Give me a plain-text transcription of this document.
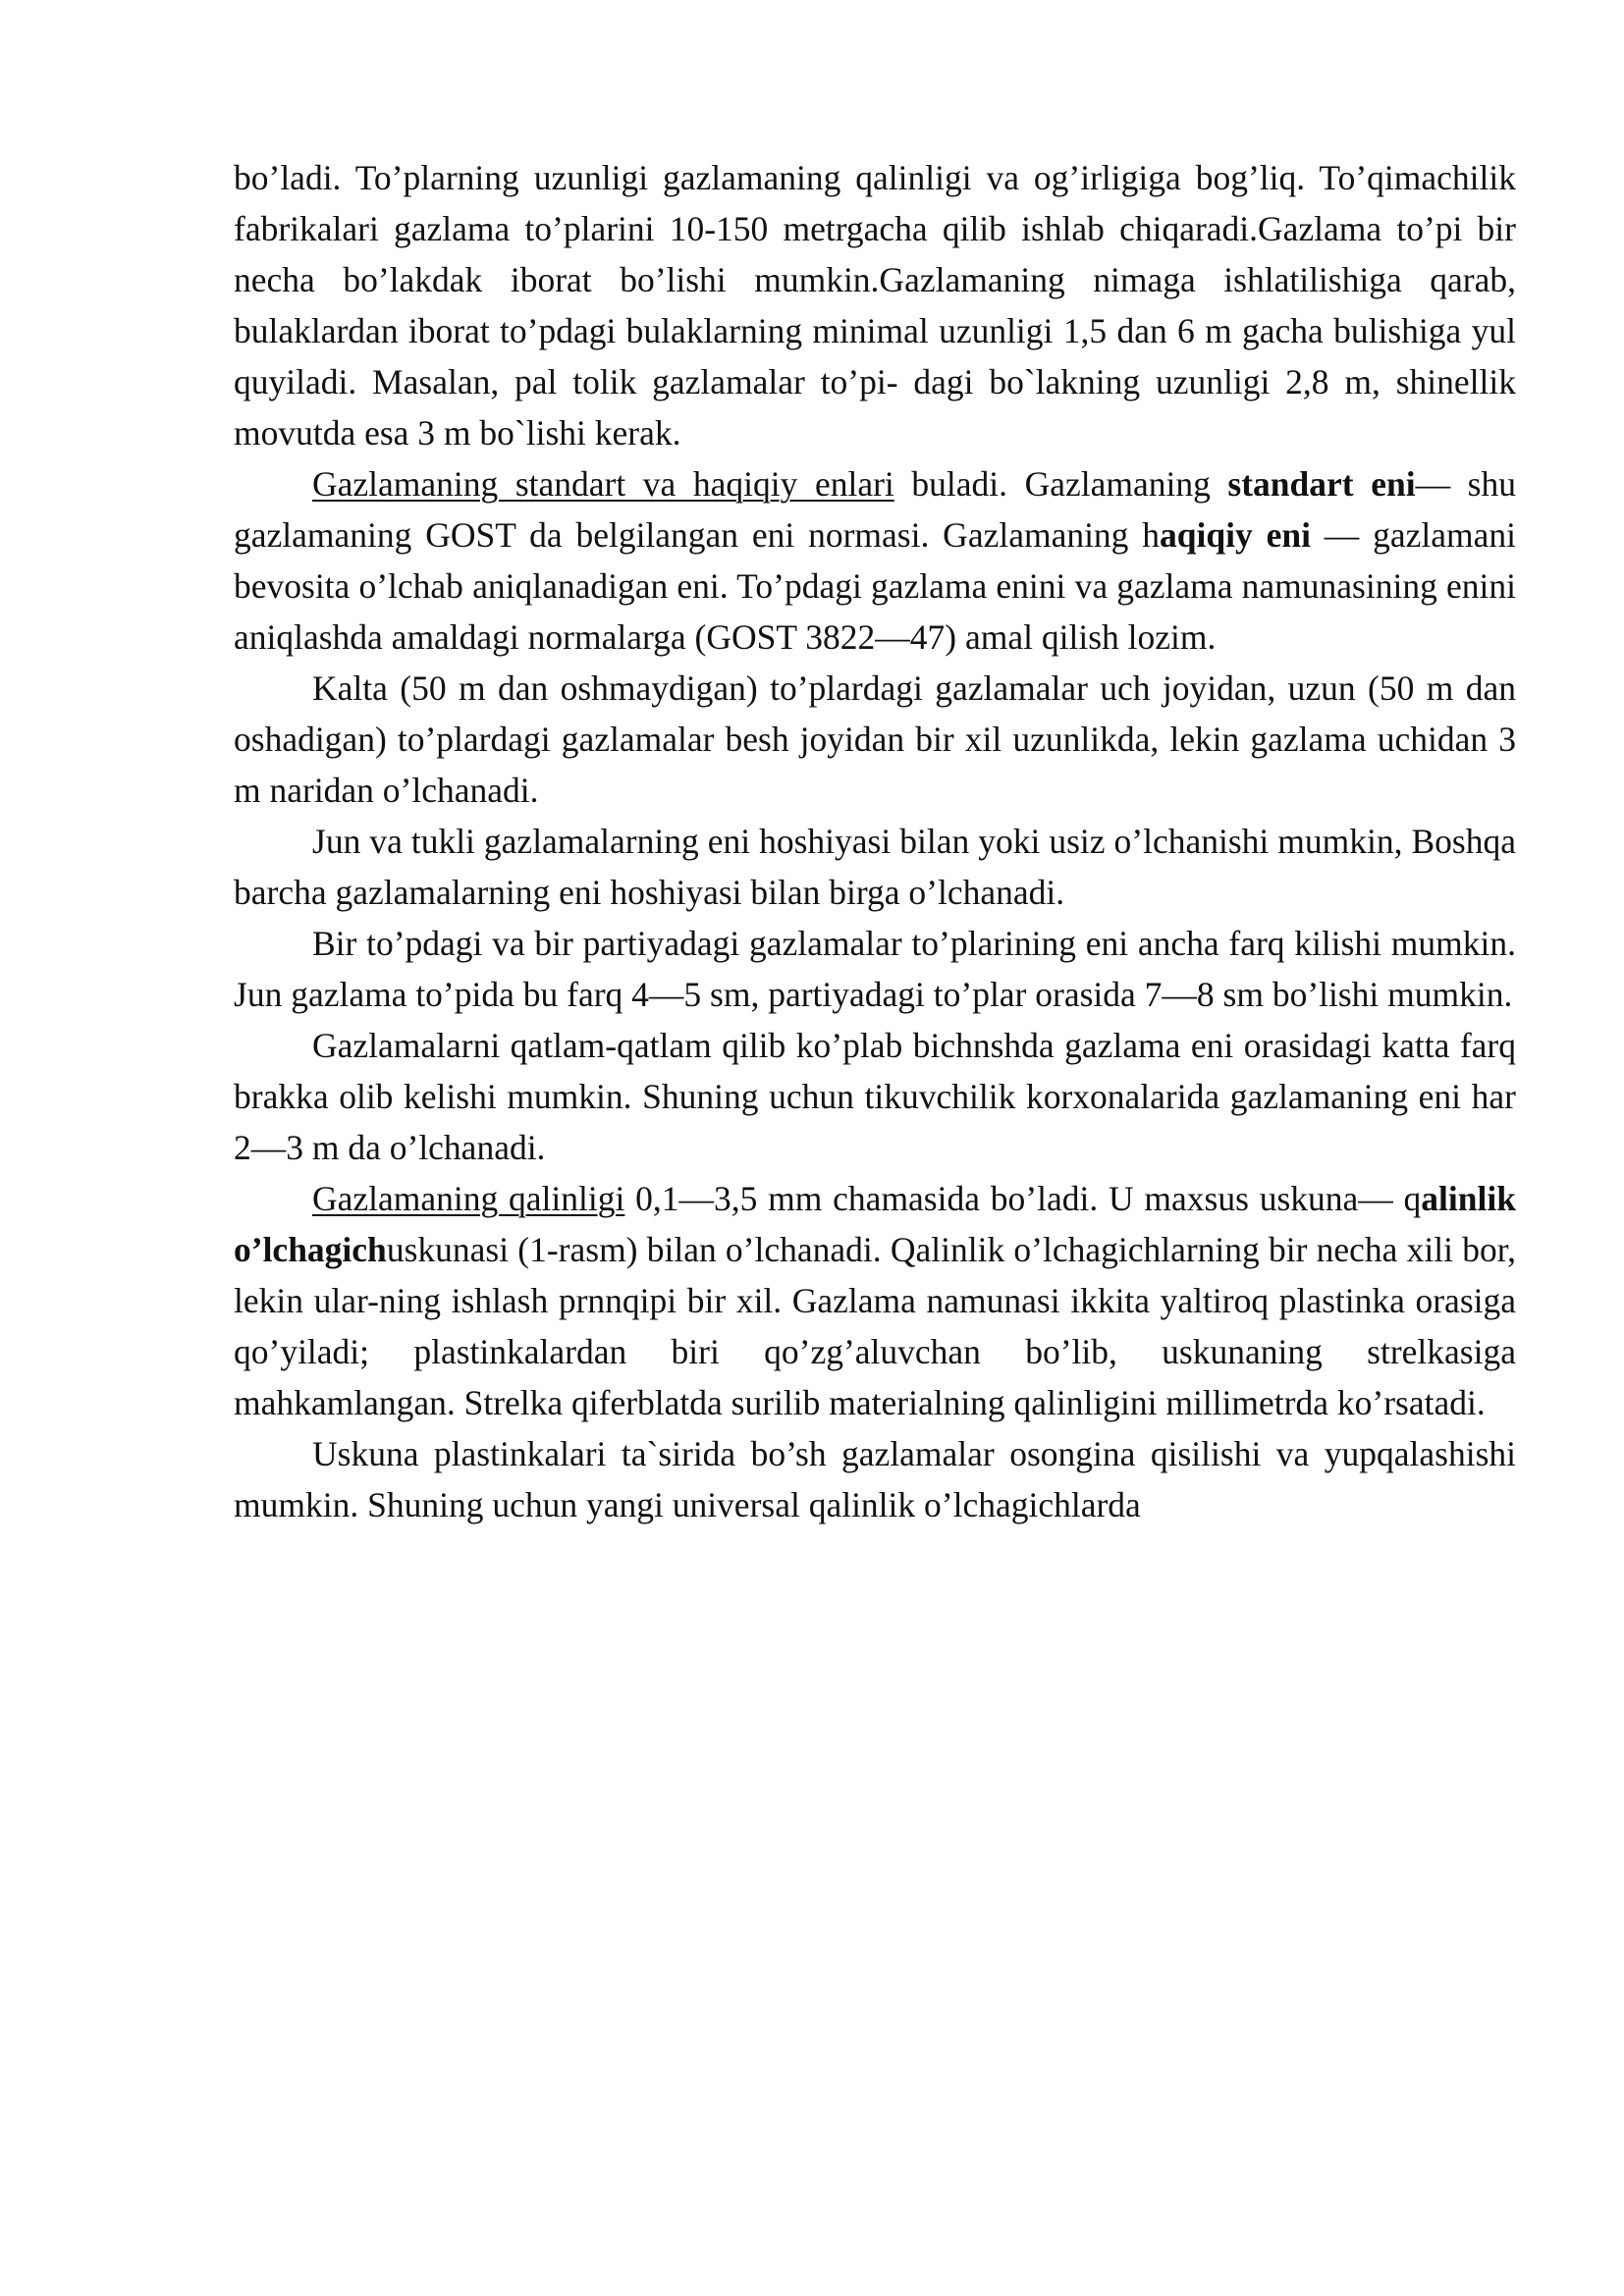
bo’ladi. To’plarning uzunligi gazlamaning qalinligi va og’irligiga bog’liq. To’qimachilik fabrikalari gazlama to’plarini 10-150 metrgacha qilib ishlab chiqaradi.Gazlama to’pi bir necha bo’lakdak iborat bo’lishi mumkin.Gazlamaning nimaga ishlatilishiga qarab, bulaklardan iborat to’pdagi bulaklarning minimal uzunligi 1,5 dan 6 m gacha bulishiga yul quyiladi. Masalan, pal tolik gazlamalar to’pi- dagi bo`lakning uzunligi 2,8 m, shinellik movutda esa 3 m bo`lishi kerak.

Gazlamaning standart va haqiqiy enlari buladi. Gazlamaning standart eni— shu gazlamaning GOST da belgilangan eni normasi. Gazlamaning haqiqiy eni — gazlamani bevosita o’lchab aniqlanadigan eni. To’pdagi gazlama enini va gazlama namunasining enini aniqlashda amaldagi normalarga (GOST 3822—47) amal qilish lozim.

Kalta (50 m dan oshmaydigan) to’plardagi gazlamalar uch joyidan, uzun (50 m dan oshadigan) to’plardagi gazlamalar besh joyidan bir xil uzunlikda, lekin gazlama uchidan 3 m naridan o’lchanadi.

Jun va tukli gazlamalarning eni hoshiyasi bilan yoki usiz o’lchanishi mumkin, Boshqa barcha gazlamalarning eni hoshiyasi bilan birga o’lchanadi.

Bir to’pdagi va bir partiyadagi gazlamalar to’plarining eni ancha farq kilishi mumkin. Jun gazlama to’pida bu farq 4—5 sm, partiyadagi to’plar orasida 7—8 sm bo’lishi mumkin.

Gazlamalarni qatlam-qatlam qilib ko’plab bichnshda gazlama eni orasidagi katta farq brakka olib kelishi mumkin. Shuning uchun tikuvchilik korxonalarida gazlamaning eni har 2—3 m da o’lchanadi.

Gazlamaning qalinligi 0,1—3,5 mm chamasida bo’ladi. U maxsus uskuna— qalinlik o’lchagichuskunasi (1-rasm) bilan o’lchanadi. Qalinlik o’lchagichlarning bir necha xili bor, lekin ular-ning ishlash prnnqipi bir xil. Gazlama namunasi ikkita yaltiroq plastinka orasiga qo’yiladi; plastinkalardan biri qo’zg’aluvchan bo’lib, uskunaning strelkasiga mahkamlangan. Strelka qiferblatda surilib materialning qalinligini millimetrda ko’rsatadi.

Uskuna plastinkalari ta`sirida bo’sh gazlamalar osongina qisilishi va yupqalashishi mumkin. Shuning uchun yangi universal qalinlik o’lchagichlarda
